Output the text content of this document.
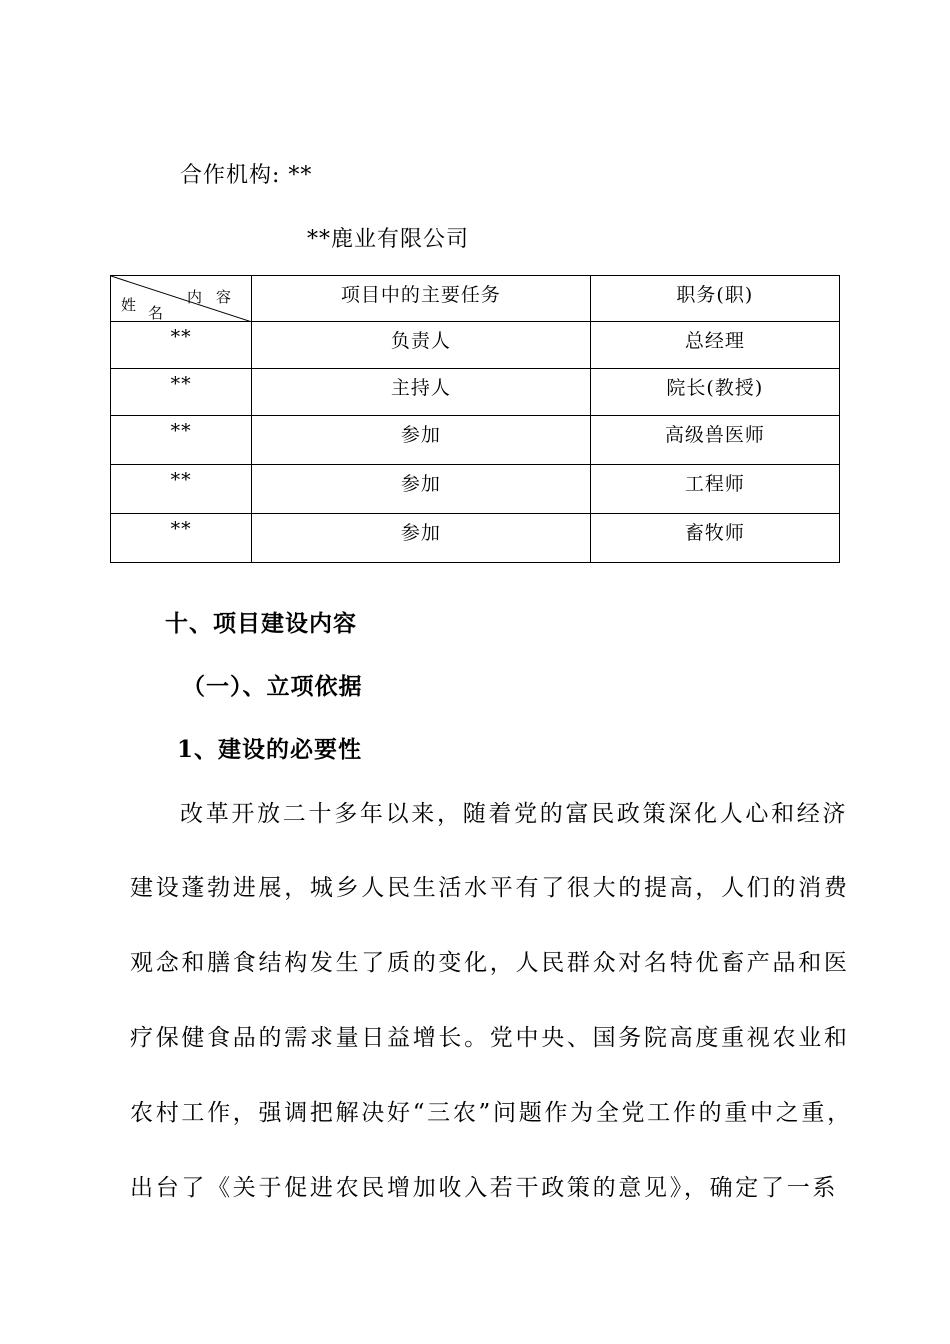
合作机构: **
**鹿业有限公司
内容
姓 名	项目中的主要任务	职务(职)
**	负责人	总经理
**	主持人	院长(教授)
**	参加	高级兽医师
**	参加	工程师
**	参加	畜牧师
十、项目建设内容
（一）、立项依据
1、建设的必要性
改革开放二十多年以来，随着党的富民政策深化人心和经济
建设蓬勃进展，城乡人民生活水平有了很大的提高，人们的消费
观念和膳食结构发生了质的变化，人民群众对名特优畜产品和医
疗保健食品的需求量日益增长。党中央、国务院高度重视农业和
农村工作，强调把解决好“三农”问题作为全党工作的重中之重，
出台了《关于促进农民增加收入若干政策的意见》，确定了一系
